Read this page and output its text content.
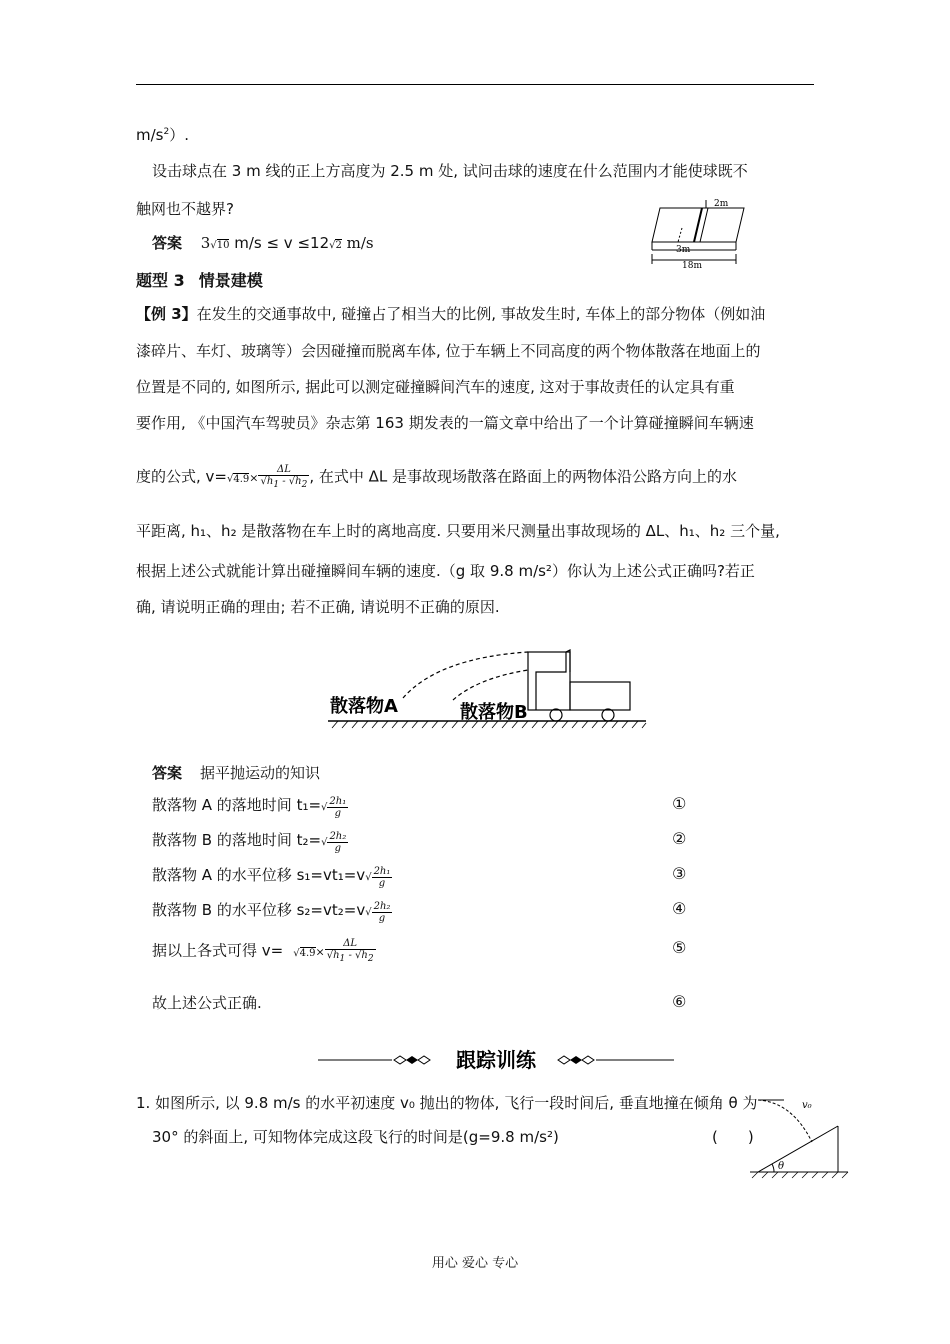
$m/s^2$）.
设击球点在 3 m 线的正上方高度为 2.5 m 处, 试问击球的速度在什么范围内才能使球既不
触网也不越界?
答案 3√10 m/s ≤ v ≤12√2 m/s
2m
3m
18m
题型 3 情景建模
【例 3】在发生的交通事故中, 碰撞占了相当大的比例, 事故发生时, 车体上的部分物体（例如油
漆碎片、车灯、玻璃等）会因碰撞而脱离车体, 位于车辆上不同高度的两个物体散落在地面上的
位置是不同的, 如图所示, 据此可以测定碰撞瞬间汽车的速度, 这对于事故责任的认定具有重
要作用, 《中国汽车驾驶员》杂志第 163 期发表的一篇文章中给出了一个计算碰撞瞬间车辆速
度的公式, $v=√4.9\times \frac{\Delta L}{√h1 - √h2}$ , 在式中 ΔL 是事故现场散落在路面上的两物体沿公路方向上的水
平距离, h₁、h₂ 是散落物在车上时的离地高度. 只要用米尺测量出事故现场的 ΔL、h₁、h₂ 三个量,
根据上述公式就能计算出碰撞瞬间车辆的速度.（g 取 9.8 m/s²）你认为上述公式正确吗?若正
确, 请说明正确的理由; 若不正确, 请说明不正确的原因.
散落物A	散落物B
答案 据平抛运动的知识
散落物 A 的落地时间 $t_1=√ \frac{\text{2h₁}}{g}$	①
散落物 B 的落地时间 $t_2=√ \frac{\text{2h₂}}{g}$	②
散落物 A 的水平位移 $s_1=vt_1=v√ \frac{\text{2h₁}}{g}$	③
散落物 B 的水平位移 $s_2=vt_2=v√ \frac{\text{2h₂}}{g}$	④
据以上各式可得 $v= √4.9\times \frac{\Delta L}{√h1 - √h2}$	⑤
故上述公式正确.	⑥
跟踪训练
1. 如图所示, 以 9.8 m/s 的水平初速度 v₀ 抛出的物体, 飞行一段时间后, 垂直地撞在倾角 θ 为
30° 的斜面上, 可知物体完成这段飞行的时间是(g=9.8 m/s²)	(　　)
θ
v₀
用心 爱心 专心
